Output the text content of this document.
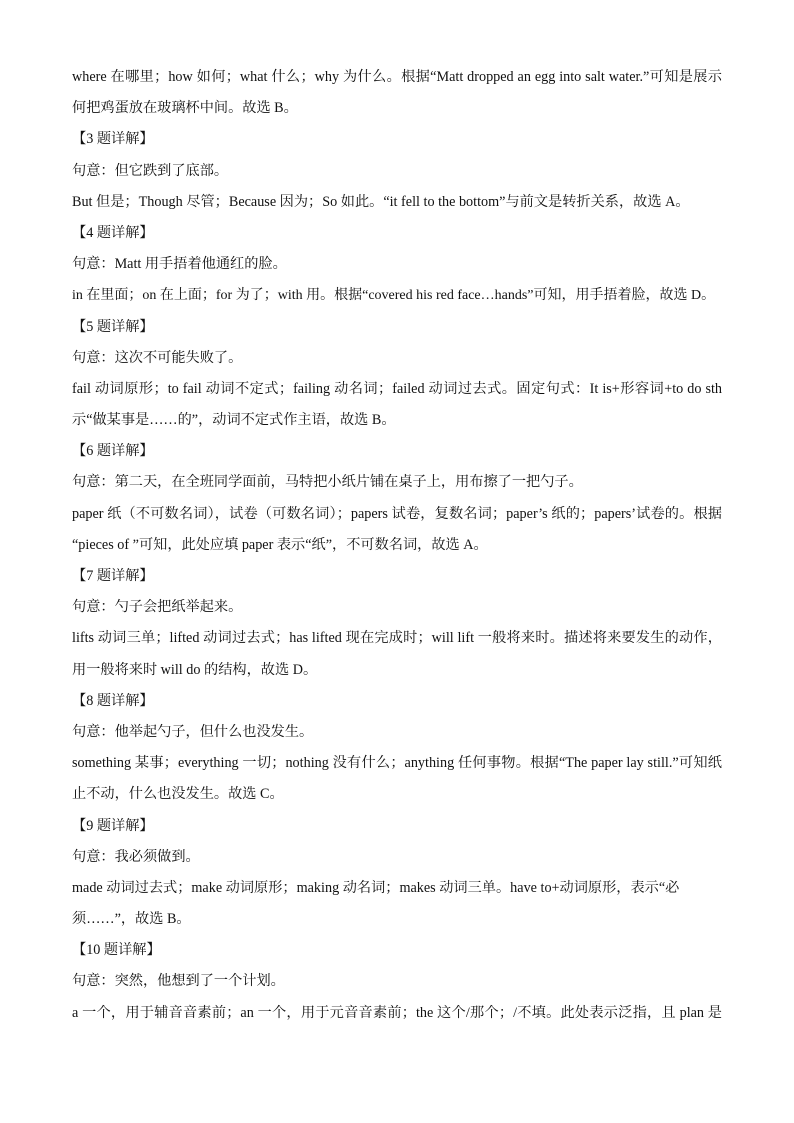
where 在哪里；how 如何；what 什么；why 为什么。根据“Matt dropped an egg into salt water.”可知是展示
何把鸡蛋放在玻璃杯中间。故选 B。
【3 题详解】
句意：但它跌到了底部。
But 但是；Though 尽管；Because 因为；So 如此。“it fell to the bottom”与前文是转折关系，故选 A。
【4 题详解】
句意：Matt 用手捂着他通红的脸。
in 在里面；on 在上面；for 为了；with 用。根据“covered his red face…hands”可知，用手捂着脸，故选 D。
【5 题详解】
句意：这次不可能失败了。
fail 动词原形；to fail 动词不定式；failing 动名词；failed 动词过去式。固定句式：It is+形容词+to do sth
示“做某事是……的”，动词不定式作主语，故选 B。
【6 题详解】
句意：第二天，在全班同学面前，马特把小纸片铺在桌子上，用布擦了一把勺子。
paper 纸（不可数名词），试卷（可数名词）；papers 试卷，复数名词；paper’s 纸的；papers’试卷的。根据
“pieces of ”可知，此处应填 paper 表示“纸”，不可数名词，故选 A。
【7 题详解】
句意：勺子会把纸举起来。
lifts 动词三单；lifted 动词过去式；has lifted 现在完成时；will lift 一般将来时。描述将来要发生的动作，
用一般将来时 will do 的结构，故选 D。
【8 题详解】
句意：他举起勺子，但什么也没发生。
something 某事；everything 一切；nothing 没有什么；anything 任何事物。根据“The paper lay still.”可知纸
止不动，什么也没发生。故选 C。
【9 题详解】
句意：我必须做到。
made 动词过去式；make 动词原形；making 动名词；makes 动词三单。have to+动词原形，表示“必
须……”，故选 B。
【10 题详解】
句意：突然，他想到了一个计划。
a 一个，用于辅音音素前；an 一个，用于元音音素前；the 这个/那个；/不填。此处表示泛指，且 plan 是
